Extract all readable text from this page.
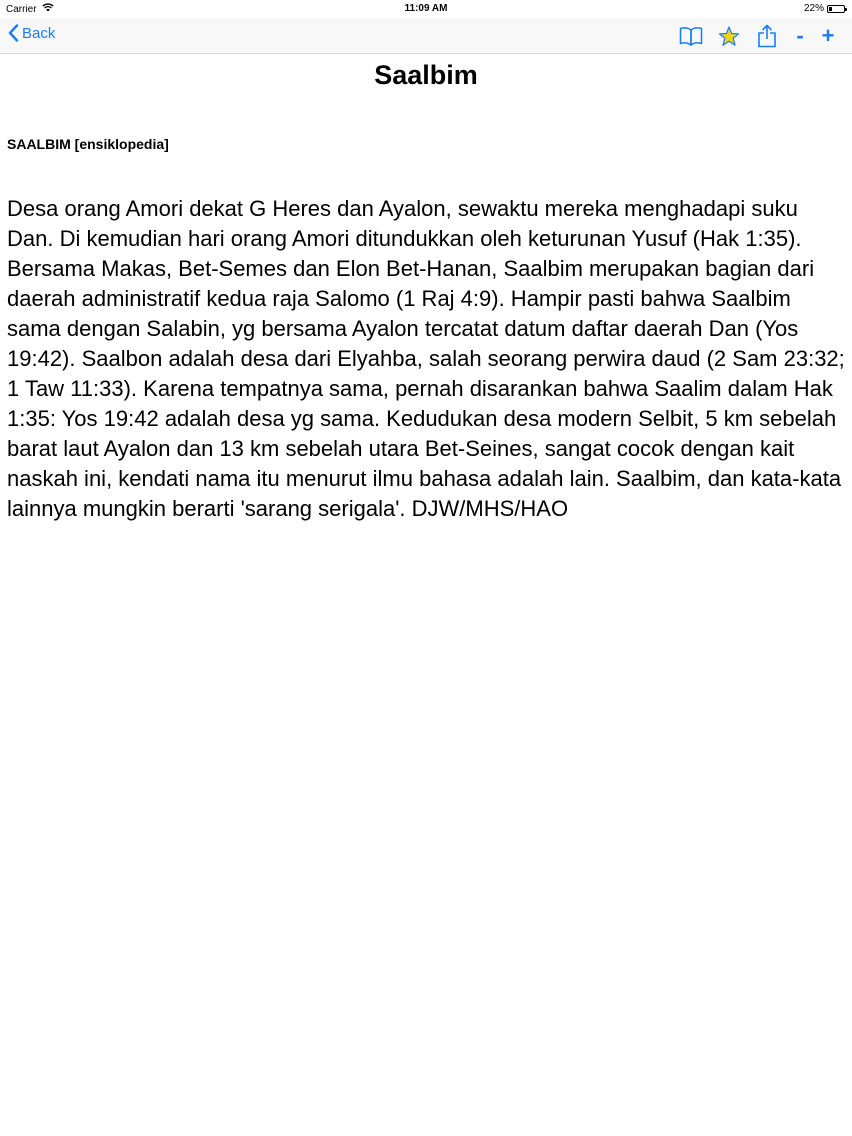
Carrier	11:09 AM	22%
Back	- +
Saalbim
SAALBIM [ensiklopedia]

Desa orang Amori dekat G Heres dan Ayalon, sewaktu mereka menghadapi suku Dan. Di kemudian hari orang Amori ditundukkan oleh keturunan Yusuf (Hak 1:35). Bersama Makas, Bet-Semes dan Elon Bet-Hanan, Saalbim merupakan bagian dari daerah administratif kedua raja Salomo (1 Raj 4:9). Hampir pasti bahwa Saalbim sama dengan Salabin, yg bersama Ayalon tercatat datum daftar daerah Dan (Yos 19:42). Saalbon adalah desa dari Elyahba, salah seorang perwira daud (2 Sam 23:32; 1 Taw 11:33). Karena tempatnya sama, pernah disarankan bahwa Saalim dalam Hak 1:35: Yos 19:42 adalah desa yg sama. Kedudukan desa modern Selbit, 5 km sebelah barat laut Ayalon dan 13 km sebelah utara Bet-Seines, sangat cocok dengan kait naskah ini, kendati nama itu menurut ilmu bahasa adalah lain. Saalbim, dan kata-kata lainnya mungkin berarti 'sarang serigala'. DJW/MHS/HAO
